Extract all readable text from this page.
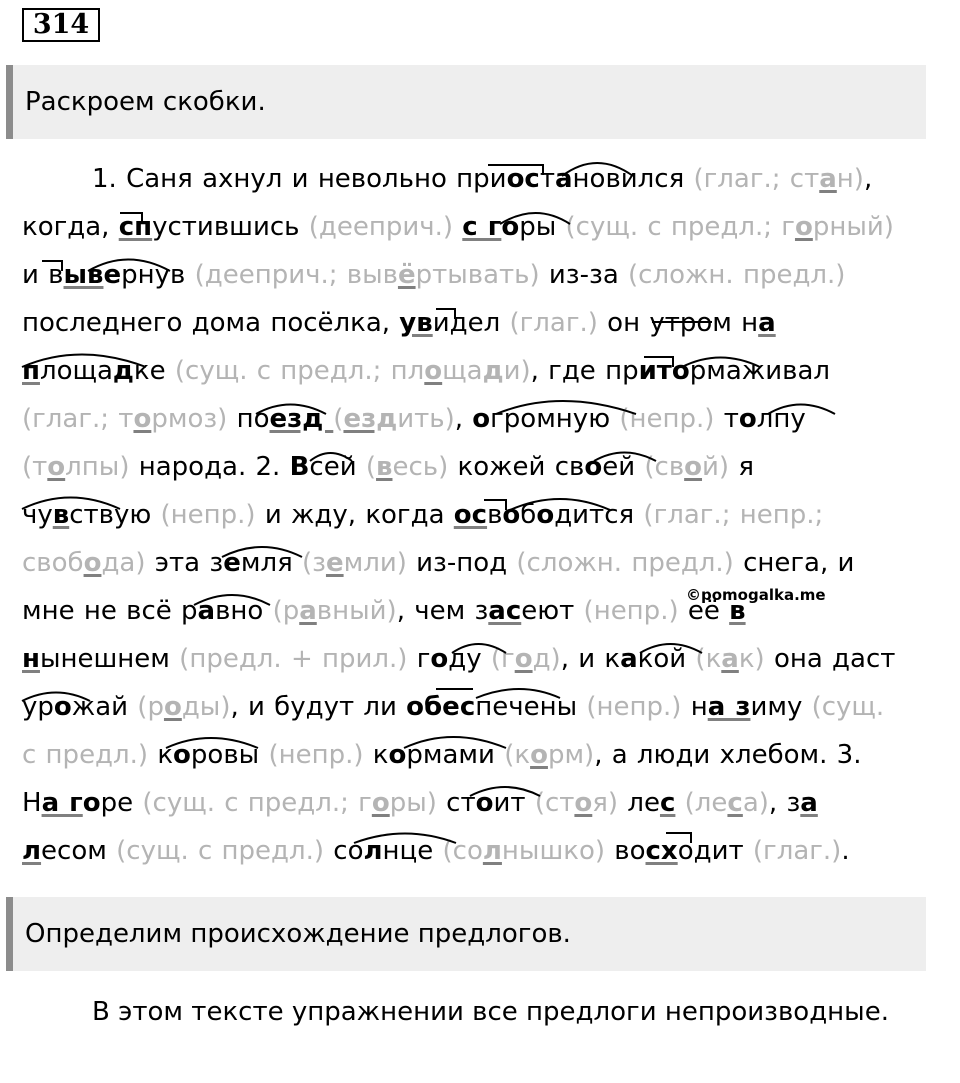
314
Раскроем скобки.
1. Саня ахнул и невольно приостановился (глаг.; стан),
когда, спустившись (дееприч.) с горы (сущ. с предл.; горный)
и вывернув (дееприч.; вывёртывать) из-за (сложн. предл.)
последнего дома посёлка, увидел (глаг.) он утром на
площадке (сущ. с предл.; площади), где притормаживал
(глаг.; тормоз) поезд (ездить), огромную (непр.) толпу
(толпы) народа. 2. Всей (весь) кожей своей (свой) я
чувствую (непр.) и жду, когда освободится (глаг.; непр.;
свобода) эта земля (земли) из-под (сложн. предл.) снега, и
мне не всё равно (равный), чем засеют (непр.) её в
нынешнем (предл. + прил.) году (год), и какой (как) она даст
урожай (роды), и будут ли обеспечены (непр.) на зиму (сущ.
с предл.) коровы (непр.) кормами (корм), а люди хлебом. 3.
На горе (сущ. с предл.; горы) стоит (стоя) лес (леса), за
лесом (сущ. с предл.) солнце (солнышко) восходит (глаг.).
©pomogalka.me
Определим происхождение предлогов.
В этом тексте упражнении все предлоги непроизводные.
